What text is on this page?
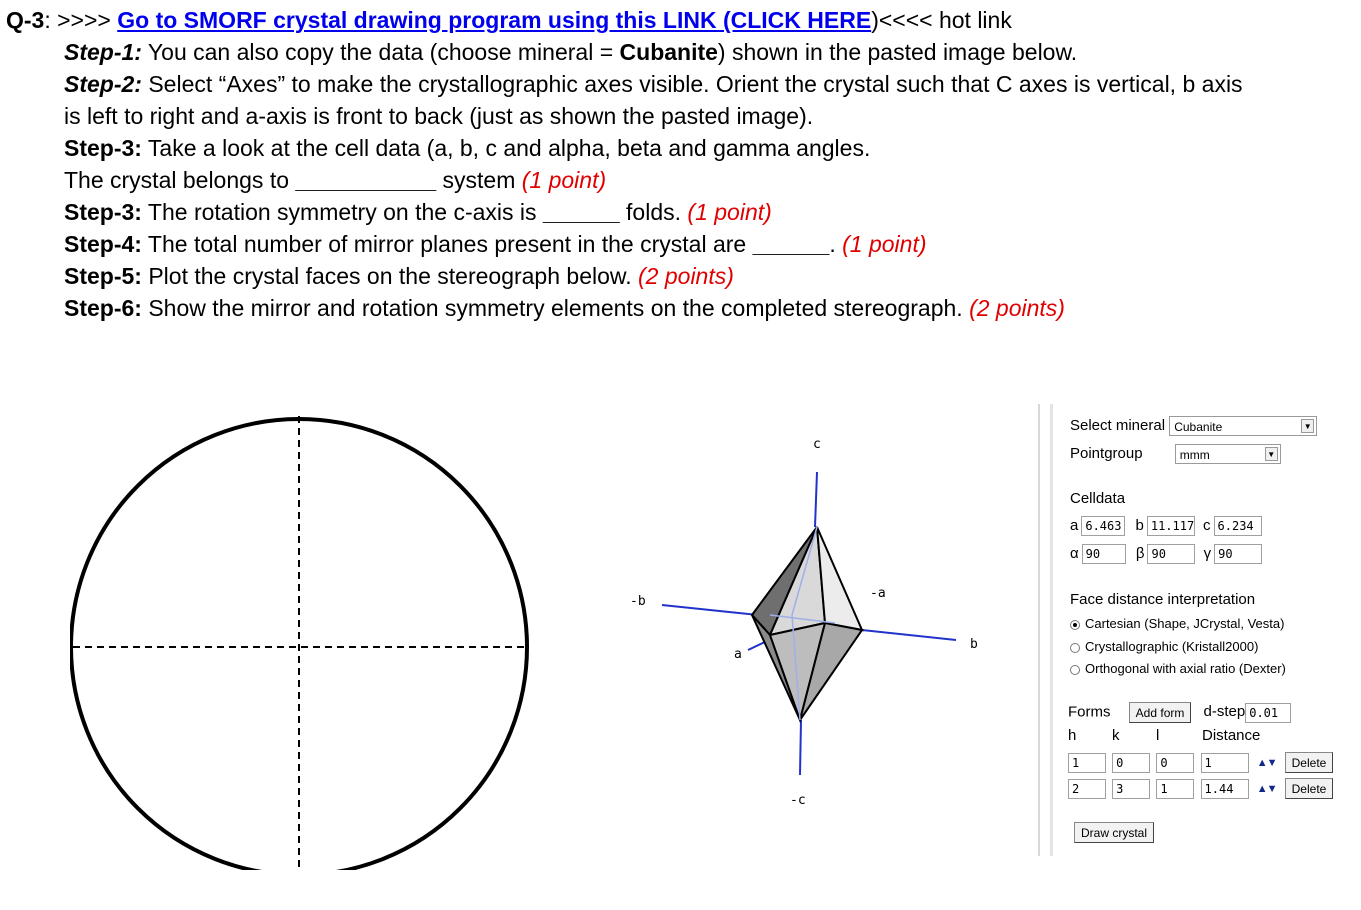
Q-3: >>>> Go to SMORF crystal drawing program using this LINK (CLICK HERE)<<<< hot link
Step-1: You can also copy the data (choose mineral = Cubanite) shown in the pasted image below.
Step-2: Select “Axes” to make the crystallographic axes visible. Orient the crystal such that C axes is vertical, b axis
is left to right and a-axis is front to back (just as shown the pasted image).
Step-3: Take a look at the cell data (a, b, c and alpha, beta and gamma angles.
The crystal belongs to ___________ system (1 point)
Step-3: The rotation symmetry on the c-axis is ______ folds. (1 point)
Step-4: The total number of mirror planes present in the crystal are ______. (1 point)
Step-5: Plot the crystal faces on the stereograph below. (2 points)
Step-6: Show the mirror and rotation symmetry elements on the completed stereograph. (2 points)
c
-c
b
-b
a
-a
Select mineral Cubanite	▼
Pointgroup	mmm	▼
Celldata
a 6.463 b 11.117 c 6.234
α 90 β 90	γ 90
Face distance interpretation
Cartesian (Shape, JCrystal, Vesta)
Crystallographic (Kristall2000)
Orthogonal with axial ratio (Dexter)
Forms Add form d-step 0.01
h k l	Distance
1	0	0	1	▲▼ Delete
2	3	1	1.44 ▲▼ Delete
Draw crystal
